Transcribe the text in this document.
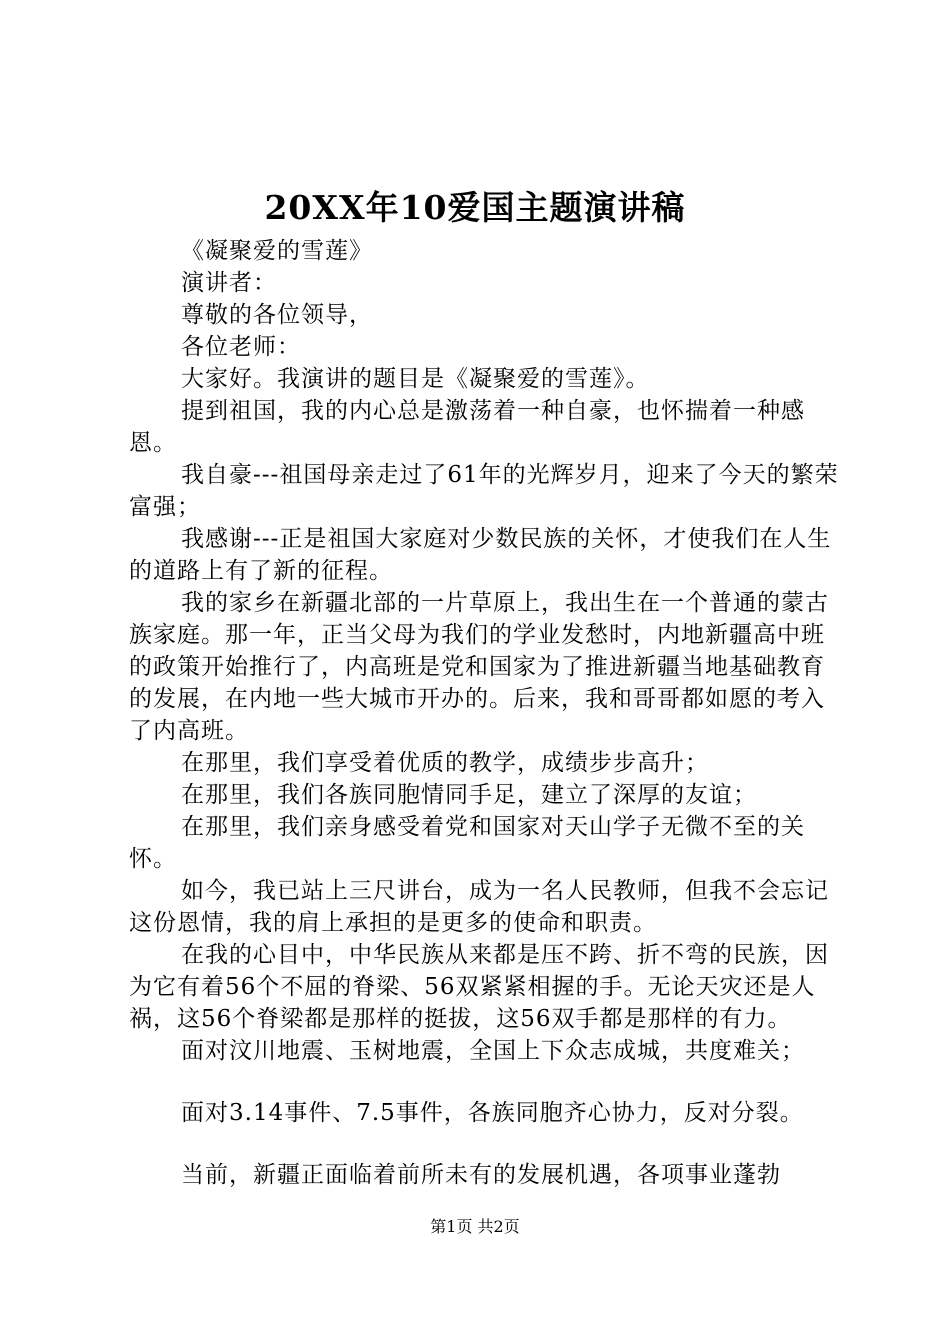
20XX年10爱国主题演讲稿

《凝聚爱的雪莲》

演讲者：

尊敬的各位领导，

各位老师：

大家好。我演讲的题目是《凝聚爱的雪莲》。

提到祖国，我的内心总是激荡着一种自豪，也怀揣着一种感恩。

我自豪---祖国母亲走过了61年的光辉岁月，迎来了今天的繁荣富强；

我感谢---正是祖国大家庭对少数民族的关怀，才使我们在人生的道路上有了新的征程。

我的家乡在新疆北部的一片草原上，我出生在一个普通的蒙古族家庭。那一年，正当父母为我们的学业发愁时，内地新疆高中班的政策开始推行了，内高班是党和国家为了推进新疆当地基础教育的发展，在内地一些大城市开办的。后来，我和哥哥都如愿的考入了内高班。

在那里，我们享受着优质的教学，成绩步步高升；

在那里，我们各族同胞情同手足，建立了深厚的友谊；

在那里，我们亲身感受着党和国家对天山学子无微不至的关怀。

如今，我已站上三尺讲台，成为一名人民教师，但我不会忘记这份恩情，我的肩上承担的是更多的使命和职责。

在我的心目中，中华民族从来都是压不跨、折不弯的民族，因为它有着56个不屈的脊梁、56双紧紧相握的手。无论天灾还是人祸，这56个脊梁都是那样的挺拔，这56双手都是那样的有力。

面对汶川地震、玉树地震，全国上下众志成城，共度难关；

面对3.14事件、7.5事件，各族同胞齐心协力，反对分裂。

当前，新疆正面临着前所未有的发展机遇，各项事业蓬勃

第1页 共2页
